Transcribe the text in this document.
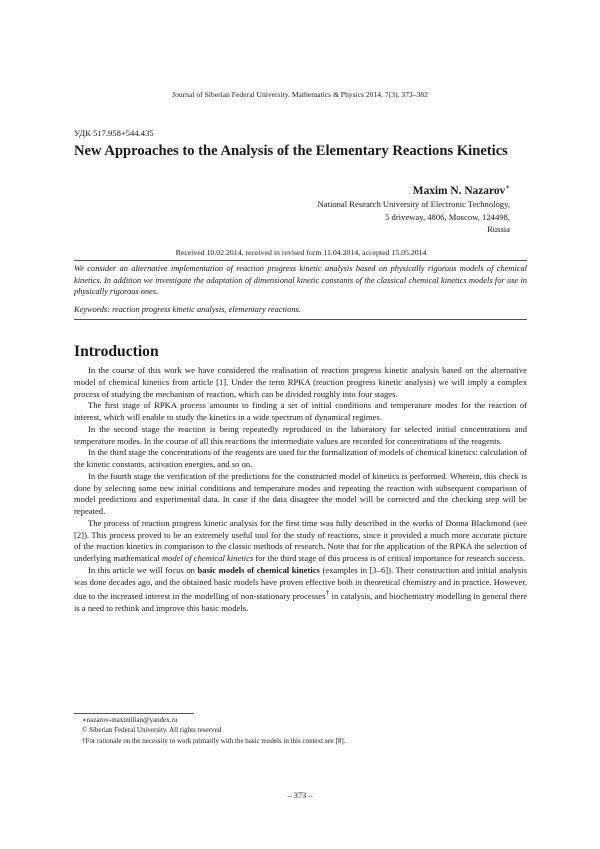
Journal of Siberian Federal University. Mathematics & Physics 2014, 7(3), 373–382
УДК 517.958+544.435
New Approaches to the Analysis of the Elementary Reactions Kinetics
Maxim N. Nazarov∗
National Research University of Electronic Technology,
5 driveway, 4806, Moscow, 124498,
Russia
Received 10.02.2014, received in revised form 11.04.2014, accepted 15.05.2014
We consider an alternative implementation of reaction progress kinetic analysis based on physically rigorous models of chemical kinetics. In addition we investigate the adaptation of dimensional kinetic constants of the classical chemical kinetics models for use in physically rigorous ones.
Keywords: reaction progress kinetic analysis, elementary reactions.
Introduction

In the course of this work we have considered the realisation of reaction progress kinetic analysis based on the alternative model of chemical kinetics from article [1]. Under the term RPKA (reaction progress kinetic analysis) we will imply a complex process of studying the mechanism of reaction, which can be divided roughly into four stages.

The first stage of RPKA process amounts to finding a set of initial conditions and temperature modes for the reaction of interest, which will enable to study the kinetics in a wide spectrum of dynamical regimes.

In the second stage the reaction is being repeatedly reproduced in the laboratory for selected initial concentrations and temperature modes. In the course of all this reactions the intermediate values are recorded for concentrations of the reagents.

In the third stage the concentrations of the reagents are used for the formalization of models of chemical kinetics: calculation of the kinetic constants, activation energies, and so on.

In the fourth stage the verification of the predictions for the constructed model of kinetics is performed. Wherein, this check is done by selecting some new initial conditions and temperature modes and repeating the reaction with subsequent comparison of model predictions and experimental data. In case if the data disagree the model will be corrected and the checking step will be repeated.

The process of reaction progress kinetic analysis for the first time was fully described in the works of Donna Blackmond (see [2]). This process proved to be an extremely useful tool for the study of reactions, since it provided a much more accurate picture of the reaction kinetics in comparison to the classic methods of research. Note that for the application of the RPKA the selection of underlying mathematical model of chemical kinetics for the third stage of this process is of critical importance for research success.

In this article we will focus on basic models of chemical kinetics (examples in [3–6]). Their construction and initial analysis was done decades ago, and the obtained basic models have proven effective both in theoretical chemistry and in practice. However, due to the increased interest in the modelling of non-stationary processes† in catalysis, and biochemistry modelling in general there is a need to rethink and improve this basic models.

∗nazarov-maximilian@yandex.ru
© Siberian Federal University. All rights reserved
†For rationale on the necessity to work primarily with the basic models in this context see [8].
– 373 –
